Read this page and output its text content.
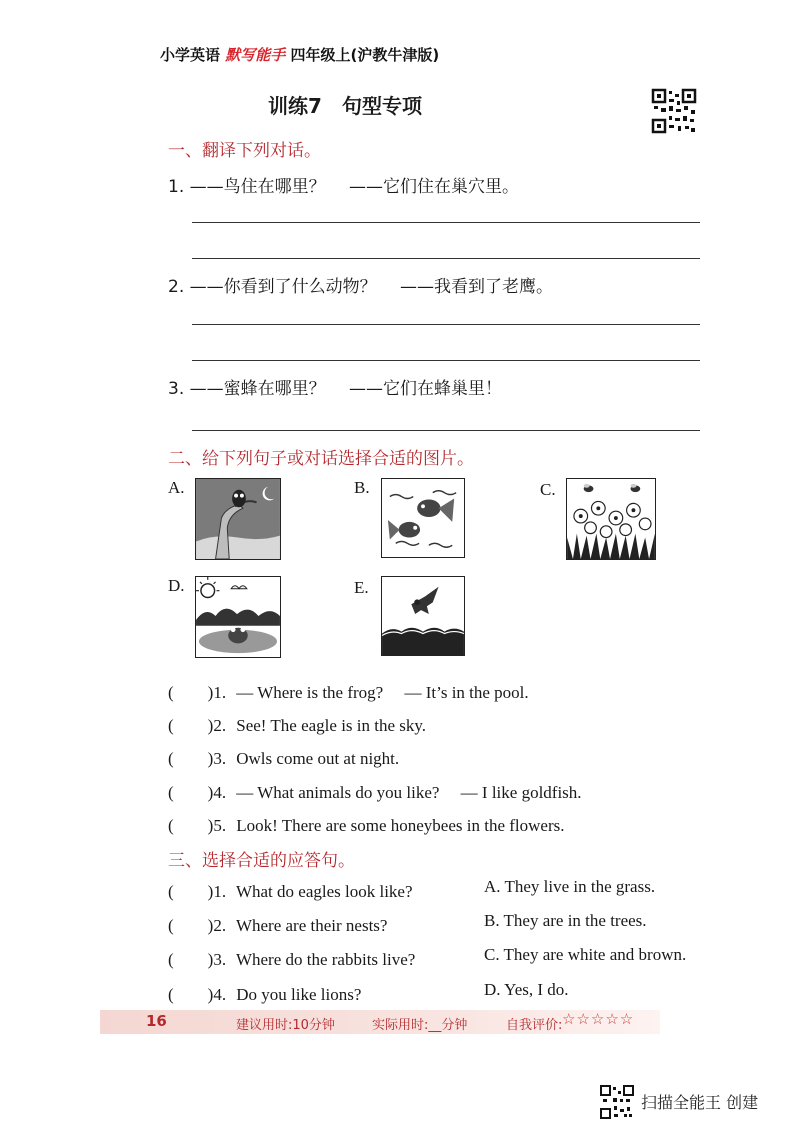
小学英语 默写能手 四年级上(沪教牛津版)
训练7　句型专项
一、翻译下列对话。
1. ——鸟住在哪里？ ——它们住在巢穴里。
2. ——你看到了什么动物？ ——我看到了老鹰。
3. ——蜜蜂在哪里？ ——它们在蜂巢里！
二、给下列句子或对话选择合适的图片。
A.	B.	C.
D.	E.
(　　)1. — Where is the frog?　 — It’s in the pool.
(　　)2. See! The eagle is in the sky.
(　　)3. Owls come out at night.
(　　)4. — What animals do you like?　 — I like goldfish.
(　　)5. Look! There are some honeybees in the flowers.
三、选择合适的应答句。
(　　)1. What do eagles look like?	A. They live in the grass.
(　　)2. Where are their nests?	B. They are in the trees.
(　　)3. Where do the rabbits live?	C. They are white and brown.
(　　)4. Do you like lions?	D. Yes, I do.
16	建议用时:10分钟	实际用时:__分钟	自我评价: ☆☆☆☆☆
扫描全能王 创建
